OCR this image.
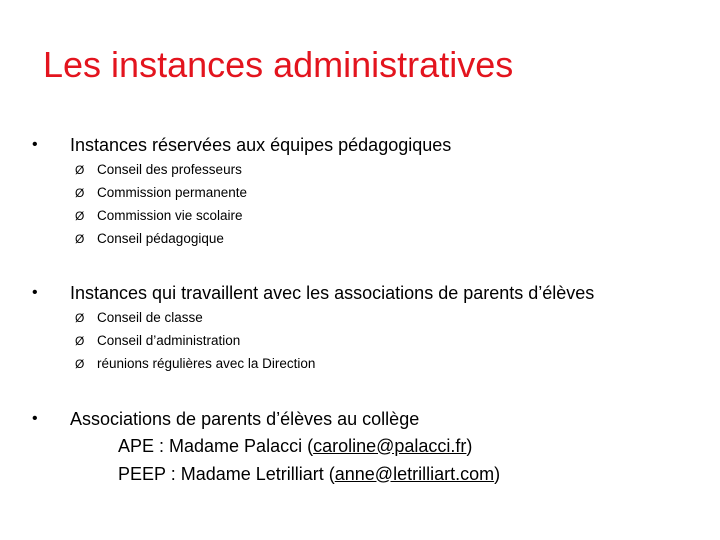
Les instances administratives
•	Instances réservées aux équipes pédagogiques
Ø Conseil des professeurs
Ø Commission permanente
Ø Commission vie scolaire
Ø Conseil pédagogique
•	Instances qui travaillent avec les associations de parents d’élèves
Ø Conseil de classe
Ø Conseil d’administration
Ø réunions régulières avec la Direction
•	Associations de parents d’élèves au collège
APE : Madame Palacci ( caroline@palacci.fr )
PEEP : Madame Letrilliart ( anne@letrilliart.com )
